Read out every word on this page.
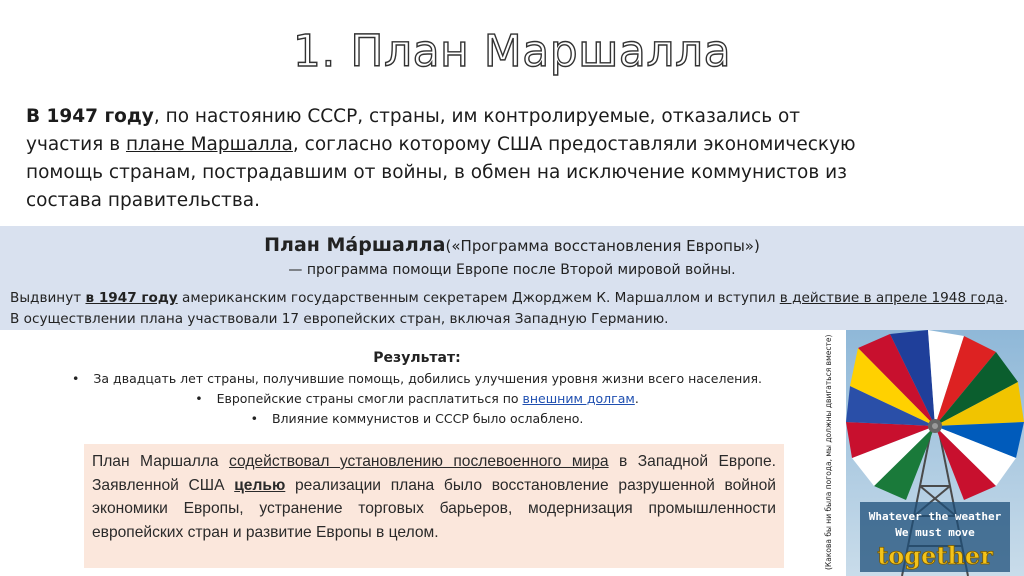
1. План Маршалла
В 1947 году, по настоянию СССР, страны, им контролируемые, отказались от участия в плане Маршалла, согласно которому США предоставляли экономическую помощь странам, пострадавшим от войны, в обмен на исключение коммунистов из состава правительства.
План Ма́ршалла(«Программа восстановления Европы»)
— программа помощи Европе после Второй мировой войны.
Выдвинут в 1947 году американским государственным секретарем Джорджем К. Маршаллом и вступил в действие в апреле 1948 года. В осуществлении плана участвовали 17 европейских стран, включая Западную Германию.
Результат:
• За двадцать лет страны, получившие помощь, добились улучшения уровня жизни всего населения.
• Европейские страны смогли расплатиться по внешним долгам.
• Влияние коммунистов и СССР было ослаблено.
План Маршалла содействовал установлению послевоенного мира в Западной Европе. Заявленной США целью реализации плана было восстановление разрушенной войной экономики Европы, устранение торговых барьеров, модернизация промышленности европейских стран и развитие Европы в целом.	(Какова бы ни была погода, мы должны двигаться вместе)	Whatever the weather
We must move
together
